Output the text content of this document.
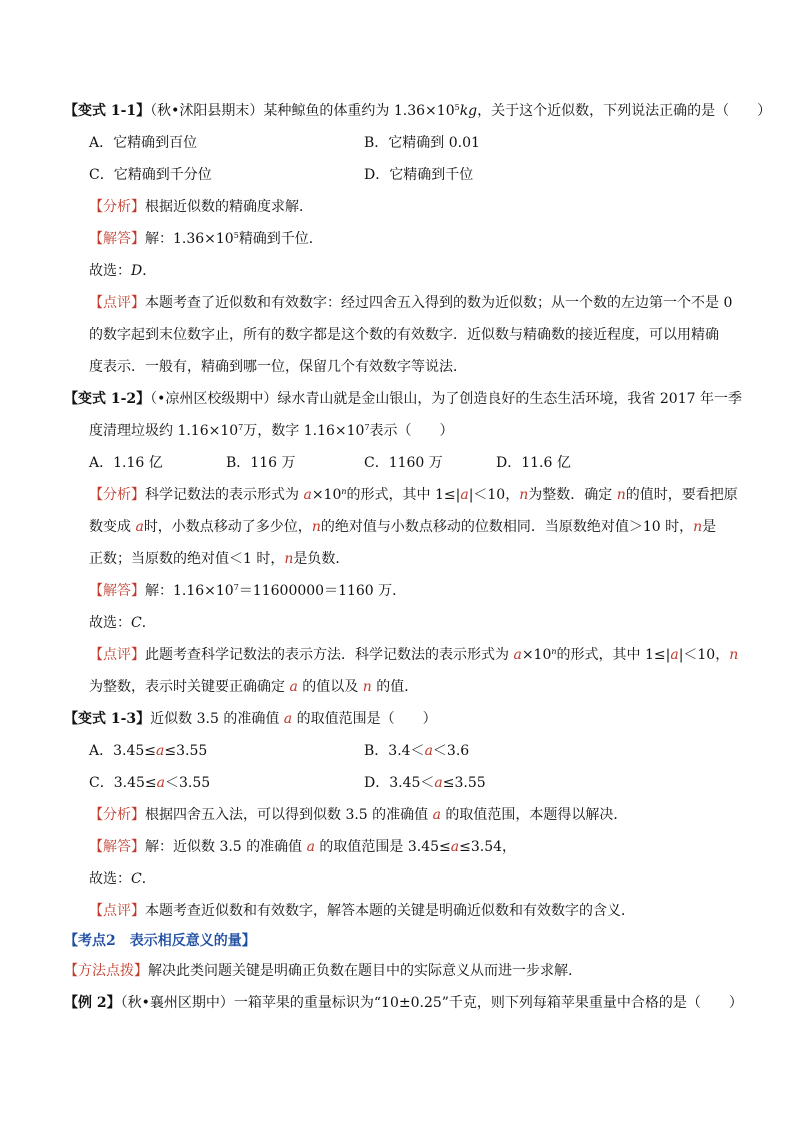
【变式 1-1】（秋•沭阳县期末）某种鲸鱼的体重约为 $1.36\times 10^5kg$，关于这个近似数，下列说法正确的是（　　）
A．它精确到百位	B．它精确到 0.01
C．它精确到千分位	D．它精确到千位
【分析】根据近似数的精确度求解．
【解答】解：$1.36\times 10^5$精确到千位．
故选：D．
【点评】本题考查了近似数和有效数字：经过四舍五入得到的数为近似数；从一个数的左边第一个不是 0
的数字起到末位数字止，所有的数字都是这个数的有效数字．近似数与精确数的接近程度，可以用精确
度表示．一般有，精确到哪一位，保留几个有效数字等说法．
【变式 1-2】（•凉州区校级期中）绿水青山就是金山银山，为了创造良好的生态生活环境，我省 2017 年一季
度清理垃圾约 $1.16\times 10^7$万，数字 $1.16\times 10^7$表示（　　）
A．1.16 亿	B．116 万	C．1160 万	D．11.6 亿
【分析】科学记数法的表示形式为 $a\times 10^n$的形式，其中 1≤|a|＜10，n为整数．确定 n的值时，要看把原
数变成 a时，小数点移动了多少位，n的绝对值与小数点移动的位数相同．当原数绝对值＞10 时，n是
正数；当原数的绝对值＜1 时，n是负数．
【解答】解：$1.16\times 10^7=11600000=1160$ 万．
故选：C．
【点评】此题考查科学记数法的表示方法．科学记数法的表示形式为 $a\times 10^n$的形式，其中 1≤|a|＜10，n
为整数，表示时关键要正确确定 a 的值以及 n 的值．
【变式 1-3】近似数 3.5 的准确值 a 的取值范围是（　　）
A．3.45≤a≤3.55	B．3.4＜a＜3.6
C．3.45≤a＜3.55	D．3.45＜a≤3.55
【分析】根据四舍五入法，可以得到似数 3.5 的准确值 a 的取值范围，本题得以解决．
【解答】解：近似数 3.5 的准确值 a 的取值范围是 3.45≤a≤3.54，
故选：C．
【点评】本题考查近似数和有效数字，解答本题的关键是明确近似数和有效数字的含义．
【考点2　表示相反意义的量】
【方法点拨】解决此类问题关键是明确正负数在题目中的实际意义从而进一步求解.
【例 2】（秋•襄州区期中）一箱苹果的重量标识为“10±0.25”千克，则下列每箱苹果重量中合格的是（　　）
